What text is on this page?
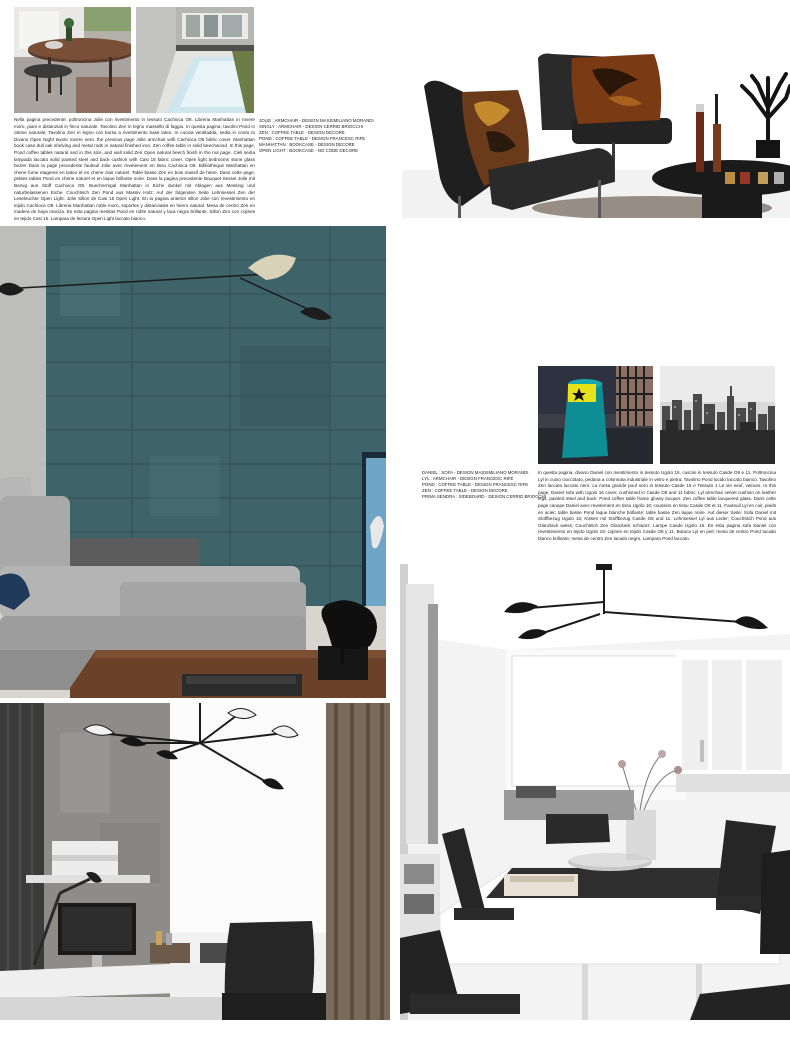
Nella pagina precedente: poltroncina Jolie con rivestimento in tessuto Cachioca O8. Libreria Manhattan in rovere moro, piani e distanziali in finco naturale. Tavolino Zen in legno massello di faggio. In questa pagina, tavolini Pond in ottone naturale; Tavolino Zen in legno con borsa a rivestimento base lateo. In cucina ventiladda, sedia in conto to Divano Open Night tavolo rovere nero. the previous page Jolie armchair with Cachioca O8 fabric cover. Manhattan book case dull oak shelving and metal rods in natural finished iron. Zen coffee table in solid beechwood. In this page, Pond coffee tables natural and in this size, and wall solid Zen Open natural beech finish in the nut page. Cieli sedia lampada laccato solid painted steel and back cushion with Casi 15 fabric cover. Open light bedrooms stone glass bezier Dans la page precedente fauteuil Jolie avec revetement en tissu Cachioca O8. Bibliotheque Manhattan en chene fume etageres en laiton et en chene clair naturel. Table basse Zen en bois massif de hetre. Dans cette page, petites tables Pond en chene naturel et en laque brillante noire. Dans la pagina precedente Bouquet Sessel Jolie mit Bezug aus Stoff Cachioca O8. Buecherregal Manhattan in Eiche dunkel mit Ablagen aus Messing und naturbelassenen Eiche. Couchtisch Zen Pond aus Massiv Holz; Auf der folgenden Seite Lehnsessel Zen der Leseleuchte Open Light. Jolie Sillon de Casi 15 Open Light. En la pagina anterior sillon Jolie con revestimiento en tejido Cachioca O8. Libreria Manhattan roble moro, soportes y distanciales en hierro natural. Mesa de centro Zen en madera de haya maciza. En esta pagina mesitas Pond en roble natural y laca negra brillante. Sillon Zen con cojines en tejido Casi 15. Lampara de lectura Open Light laccato bianco.

JOLIE : ARMCHAIR - DESIGN MASSIMILIANO MORANDI
SINGLY : ARMCHAIR - DESIGN CERRID BRIOCCHI
ZEN : COFFEE TABLE - DESIGN DECORE
POND : COFFEE TABLE - DESIGN FRANCESC RIFE
MANHATTAN : BOOKCASE - DESIGN DECORE
OPEN LIGHT : BOOKCASE - NO CODE DECORE
DANIEL : SOFA - DESIGN MASSIMILIANO MORANDI
LYL : ARMCHAIR - DESIGN FRANCESC RIFE
POND : COFFEE TABLE - DESIGN FRANCESC RIFE
ZEN : COFFEE TABLE - DESIGN DECORE
PRIMA SENDRA : SIDEBOARD - DESIGN CERRID BRIOCCHI

In questa pagina, divano Daniel con rivestimento in tessuto Ugolo 16, cuscini in tessuto Casde O8 e 11. Poltroncina Lyl in cuoio cioccolato, pedana a colonnata industriale in vetro e pietra; Tavolino Pond lucido laccato bianco. Tavolino Zen laccato laccato nero. La mesa grande pouf nero in tessuto Casde 16 e Tessuto 1 Le vie neuf, velours. In this page, Daniel sofa with Ugolo 16 cover, cushioned in Casde O8 and 11 fabric; Lyl armchair velvet cushion on leather legs, painted steel and back. Pond coffee table frame glossy lacquer. Zen coffee table lacquered glass. Dans cette page canape Daniel avec revetement en tissu Ugolo 16; coussins en tissu Casde O8 et 11. Fauteuil Lyl en cuir, pieds en acier; table basse Pond laque blanche brillante; table basse Zen laque noire. Auf dieser Seite: Sofa Daniel mit Stoffbezug Ugolo 16; Kissen mit Stoffbezug Casde O8 und 11. Lehnsessel Lyl aus Leder; Couchtisch Pond aus Glanzlack weiss; Couchtisch Zen Glanzlack schwarz. Lampe Casde Ugolo 16. En esta pagina sofa Daniel con revestimiento en tejido Ugolo 16; cojines en tejido Casde O8 y 11. Butaca Lyl en piel; mesa de centro Pond lacado blanco brillante; mesa de centro Zen lacado negro. Lampara Pond laccato.
